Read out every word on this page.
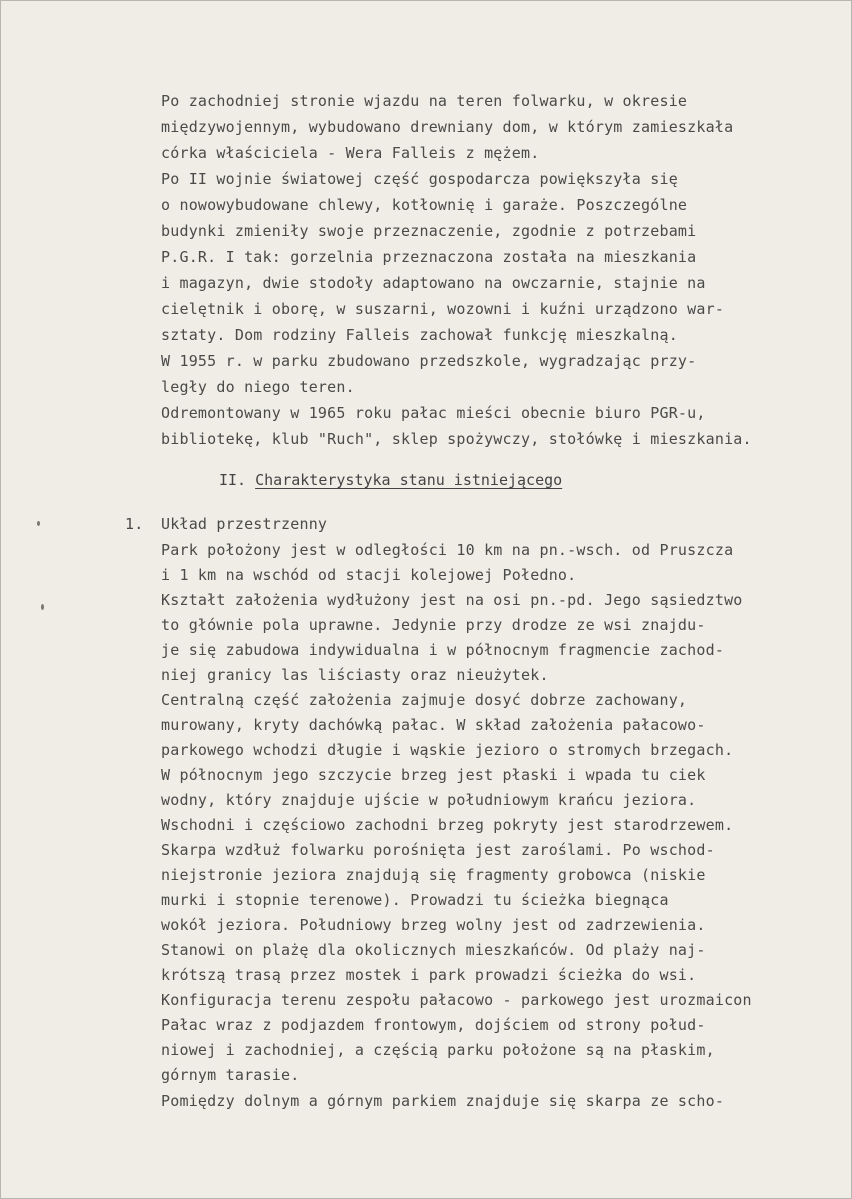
Po zachodniej stronie wjazdu na teren folwarku, w okresie
międzywojennym, wybudowano drewniany dom, w którym zamieszkała
córka właściciela - Wera Falleis z mężem.
Po II wojnie światowej część gospodarcza powiększyła się
o nowowybudowane chlewy, kotłownię i garaże. Poszczególne
budynki zmieniły swoje przeznaczenie, zgodnie z potrzebami
P.G.R. I tak: gorzelnia przeznaczona została na mieszkania
i magazyn, dwie stodoły adaptowano na owczarnie, stajnie na
cielętnik i oborę, w suszarni, wozowni i kuźni urządzono war-
sztaty. Dom rodziny Falleis zachował funkcję mieszkalną.
W 1955 r. w parku zbudowano przedszkole, wygradzając przy-
legły do niego teren.
Odremontowany w 1965 roku pałac mieści obecnie biuro PGR-u,
bibliotekę, klub "Ruch", sklep spożywczy, stołówkę i mieszkania.
II. Charakterystyka stanu istniejącego
1. Układ przestrzenny
Park położony jest w odległości 10 km na pn.-wsch. od Pruszcza
i 1 km na wschód od stacji kolejowej Połedno.
Kształt założenia wydłużony jest na osi pn.-pd. Jego sąsiedztwo
to głównie pola uprawne. Jedynie przy drodze ze wsi znajdu-
je się zabudowa indywidualna i w północnym fragmencie zachod-
niej granicy las liściasty oraz nieużytek.
Centralną część założenia zajmuje dosyć dobrze zachowany,
murowany, kryty dachówką pałac. W skład założenia pałacowo-
parkowego wchodzi długie i wąskie jezioro o stromych brzegach.
W północnym jego szczycie brzeg jest płaski i wpada tu ciek
wodny, który znajduje ujście w południowym krańcu jeziora.
Wschodni i częściowo zachodni brzeg pokryty jest starodrzewem.
Skarpa wzdłuż folwarku porośnięta jest zaroślami. Po wschod-
niejstronie jeziora znajdują się fragmenty grobowca (niskie
murki i stopnie terenowe). Prowadzi tu ścieżka biegnąca
wokół jeziora. Południowy brzeg wolny jest od zadrzewienia.
Stanowi on plażę dla okolicznych mieszkańców. Od plaży naj-
krótszą trasą przez mostek i park prowadzi ścieżka do wsi.
Konfiguracja terenu zespołu pałacowo - parkowego jest urozmaicon
Pałac wraz z podjazdem frontowym, dojściem od strony połud-
niowej i zachodniej, a częścią parku położone są na płaskim,
górnym tarasie.
Pomiędzy dolnym a górnym parkiem znajduje się skarpa ze scho-
